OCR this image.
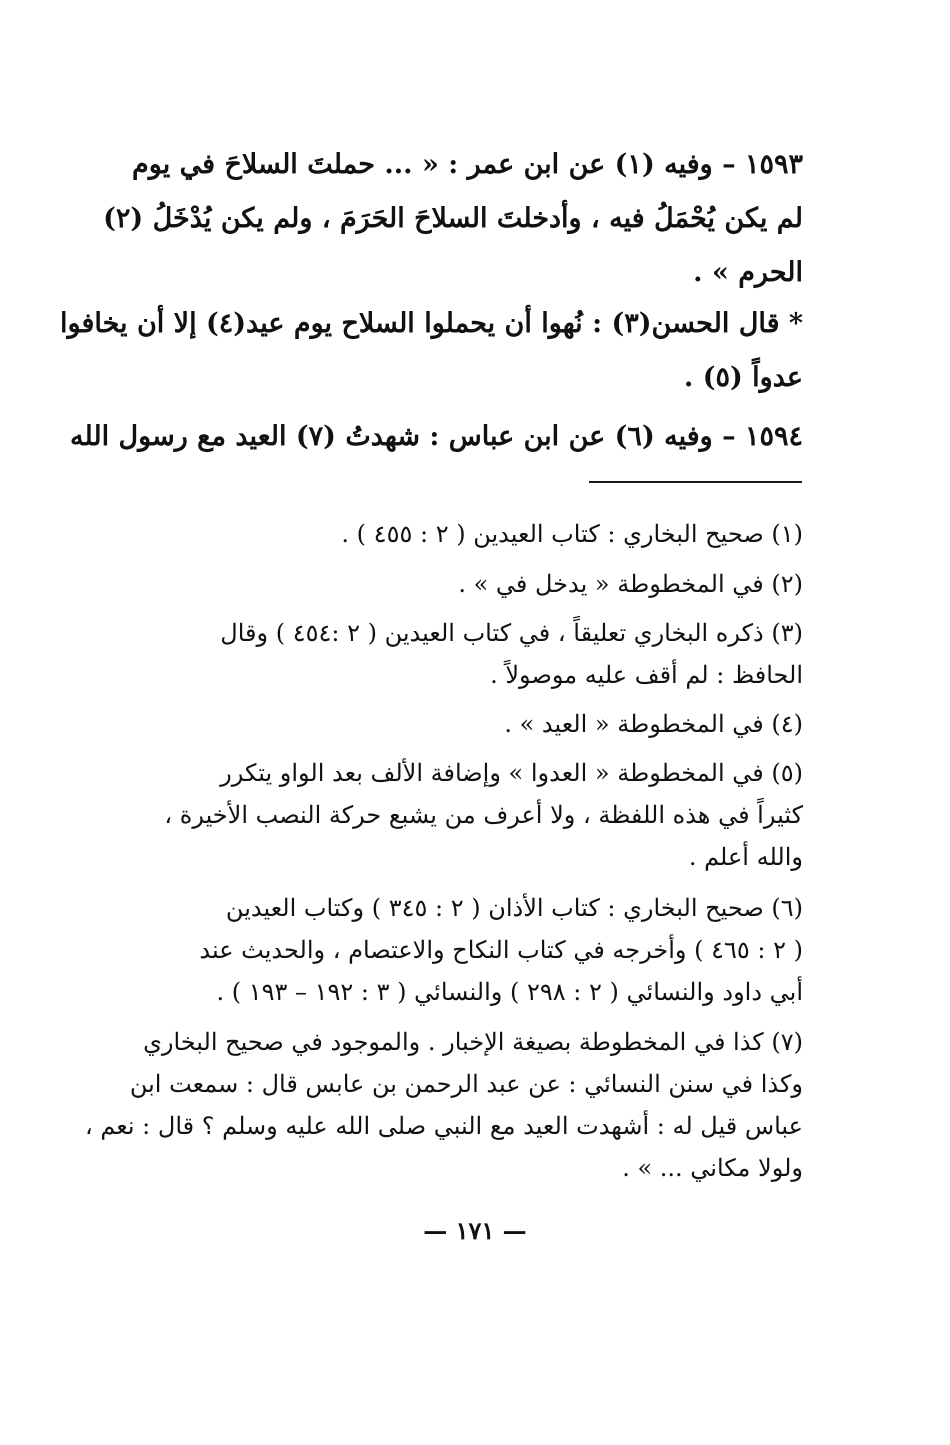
١٥٩٣ – وفيه (١) عن ابن عمر : « ... حملتَ السلاحَ في يوم
لم يكن يُحْمَلُ فيه ، وأدخلتَ السلاحَ الحَرَمَ ، ولم يكن يُدْخَلُ (٢)
الحرم » .
* قال الحسن(٣) : نُهوا أن يحملوا السلاح يوم عيد(٤) إلا أن يخافوا
عدواً (٥) .
١٥٩٤ – وفيه (٦) عن ابن عباس : شهدتُ (٧) العيد مع رسول الله
(١) صحيح البخاري : كتاب العيدين ( ٢ : ٤٥٥ ) .
(٢) في المخطوطة « يدخل في » .
(٣) ذكره البخاري تعليقاً ، في كتاب العيدين ( ٢ :٤٥٤ ) وقال
الحافظ : لم أقف عليه موصولاً .
(٤) في المخطوطة « العيد » .
(٥) في المخطوطة « العدوا » وإضافة الألف بعد الواو يتكرر
كثيراً في هذه اللفظة ، ولا أعرف من يشبع حركة النصب الأخيرة ،
والله أعلم .
(٦) صحيح البخاري : كتاب الأذان ( ٢ : ٣٤٥ ) وكتاب العيدين
( ٢ : ٤٦٥ ) وأخرجه في كتاب النكاح والاعتصام ، والحديث عند
أبي داود والنسائي ( ٢ : ٢٩٨ ) والنسائي ( ٣ : ١٩٢ – ١٩٣ ) .
(٧) كذا في المخطوطة بصيغة الإخبار . والموجود في صحيح البخاري
وكذا في سنن النسائي : عن عبد الرحمن بن عابس قال : سمعت ابن
عباس قيل له : أشهدت العيد مع النبي صلى الله عليه وسلم ؟ قال : نعم ،
ولولا مكاني ... » .
— ١٧١ —
